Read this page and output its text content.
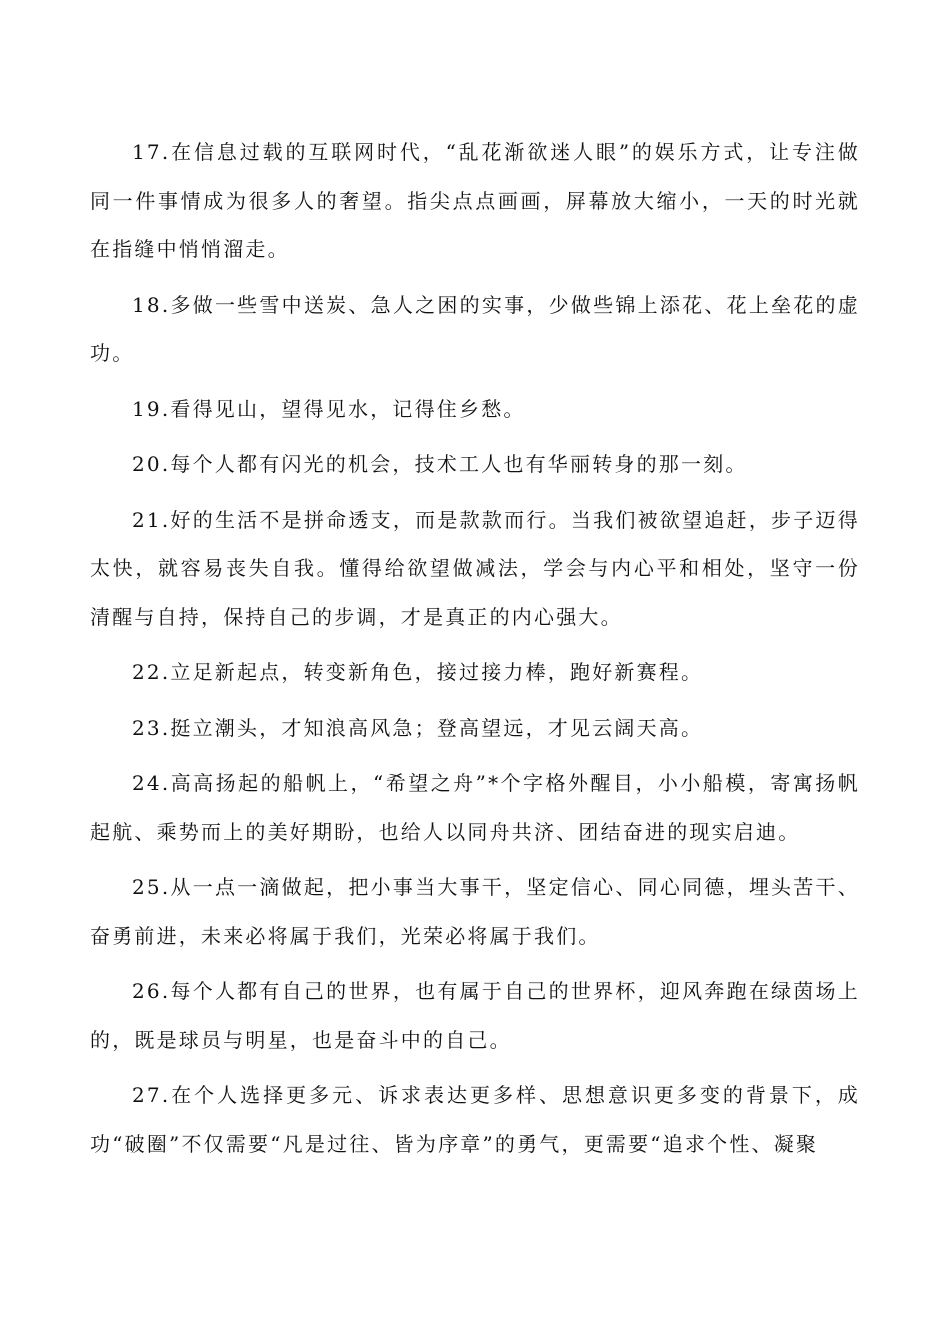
17.在信息过载的互联网时代，“乱花渐欲迷人眼”的娱乐方式，让专注做同一件事情成为很多人的奢望。指尖点点画画，屏幕放大缩小，一天的时光就在指缝中悄悄溜走。

18.多做一些雪中送炭、急人之困的实事，少做些锦上添花、花上垒花的虚功。

19.看得见山，望得见水，记得住乡愁。

20.每个人都有闪光的机会，技术工人也有华丽转身的那一刻。

21.好的生活不是拼命透支，而是款款而行。当我们被欲望追赶，步子迈得太快，就容易丧失自我。懂得给欲望做减法，学会与内心平和相处，坚守一份清醒与自持，保持自己的步调，才是真正的内心强大。

22.立足新起点，转变新角色，接过接力棒，跑好新赛程。

23.挺立潮头，才知浪高风急；登高望远，才见云阔天高。

24.高高扬起的船帆上，“希望之舟”*个字格外醒目，小小船模，寄寓扬帆起航、乘势而上的美好期盼，也给人以同舟共济、团结奋进的现实启迪。

25.从一点一滴做起，把小事当大事干，坚定信心、同心同德，埋头苦干、奋勇前进，未来必将属于我们，光荣必将属于我们。

26.每个人都有自己的世界，也有属于自己的世界杯，迎风奔跑在绿茵场上的，既是球员与明星，也是奋斗中的自己。

27.在个人选择更多元、诉求表达更多样、思想意识更多变的背景下，成功“破圈”不仅需要“凡是过往、皆为序章”的勇气，更需要“追求个性、凝聚
